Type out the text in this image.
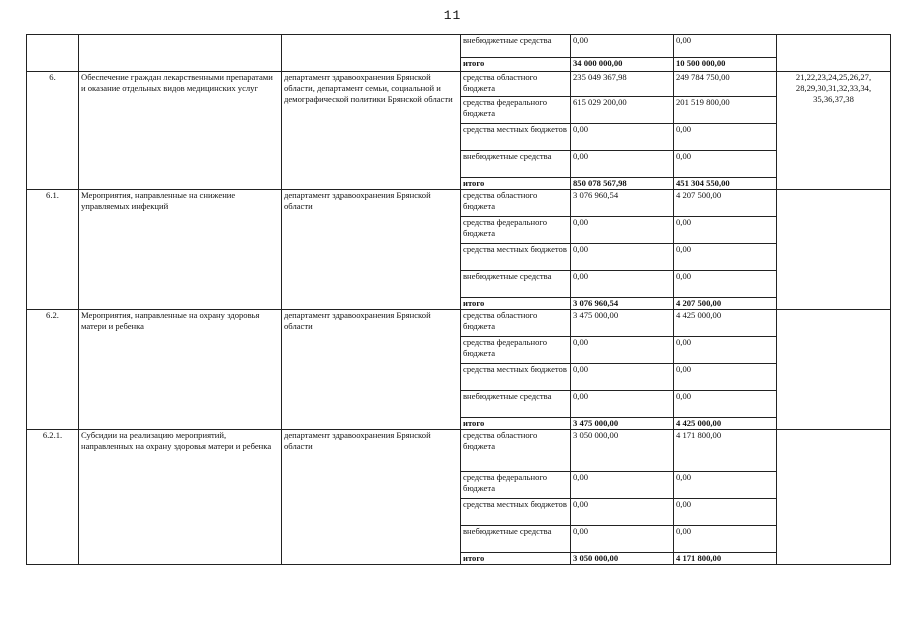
11
			внебюджетные средства	0,00	0,00	
			итого	34 000 000,00	10 500 000,00	
6.	Обеспечение граждан лекарственными препаратами и оказание отдельных видов медицинских услуг	департамент здравоохранения Брянской области, департамент семьи, социальной и демографической политики Брянской области	средства областного бюджета	235 049 367,98	249 784 750,00	21,22,23,24,25,26,27, 28,29,30,31,32,33,34, 35,36,37,38
			средства федерального бюджета	615 029 200,00	201 519 800,00	
			средства местных бюджетов	0,00	0,00	
			внебюджетные средства	0,00	0,00	
			итого	850 078 567,98	451 304 550,00	
6.1.	Мероприятия, направленные на снижение управляемых инфекций	департамент здравоохранения Брянской области	средства областного бюджета	3 076 960,54	4 207 500,00	
			средства федерального бюджета	0,00	0,00	
			средства местных бюджетов	0,00	0,00	
			внебюджетные средства	0,00	0,00	
			итого	3 076 960,54	4 207 500,00	
6.2.	Мероприятия, направленные на охрану здоровья матери и ребенка	департамент здравоохранения Брянской области	средства областного бюджета	3 475 000,00	4 425 000,00	
			средства федерального бюджета	0,00	0,00	
			средства местных бюджетов	0,00	0,00	
			внебюджетные средства	0,00	0,00	
			итого	3 475 000,00	4 425 000,00	
6.2.1.	Субсидии на реализацию мероприятий, направленных на охрану здоровья матери и ребенка	департамент здравоохранения Брянской области	средства областного бюджета	3 050 000,00	4 171 800,00	
			средства федерального бюджета	0,00	0,00	
			средства местных бюджетов	0,00	0,00	
			внебюджетные средства	0,00	0,00	
			итого	3 050 000,00	4 171 800,00	
